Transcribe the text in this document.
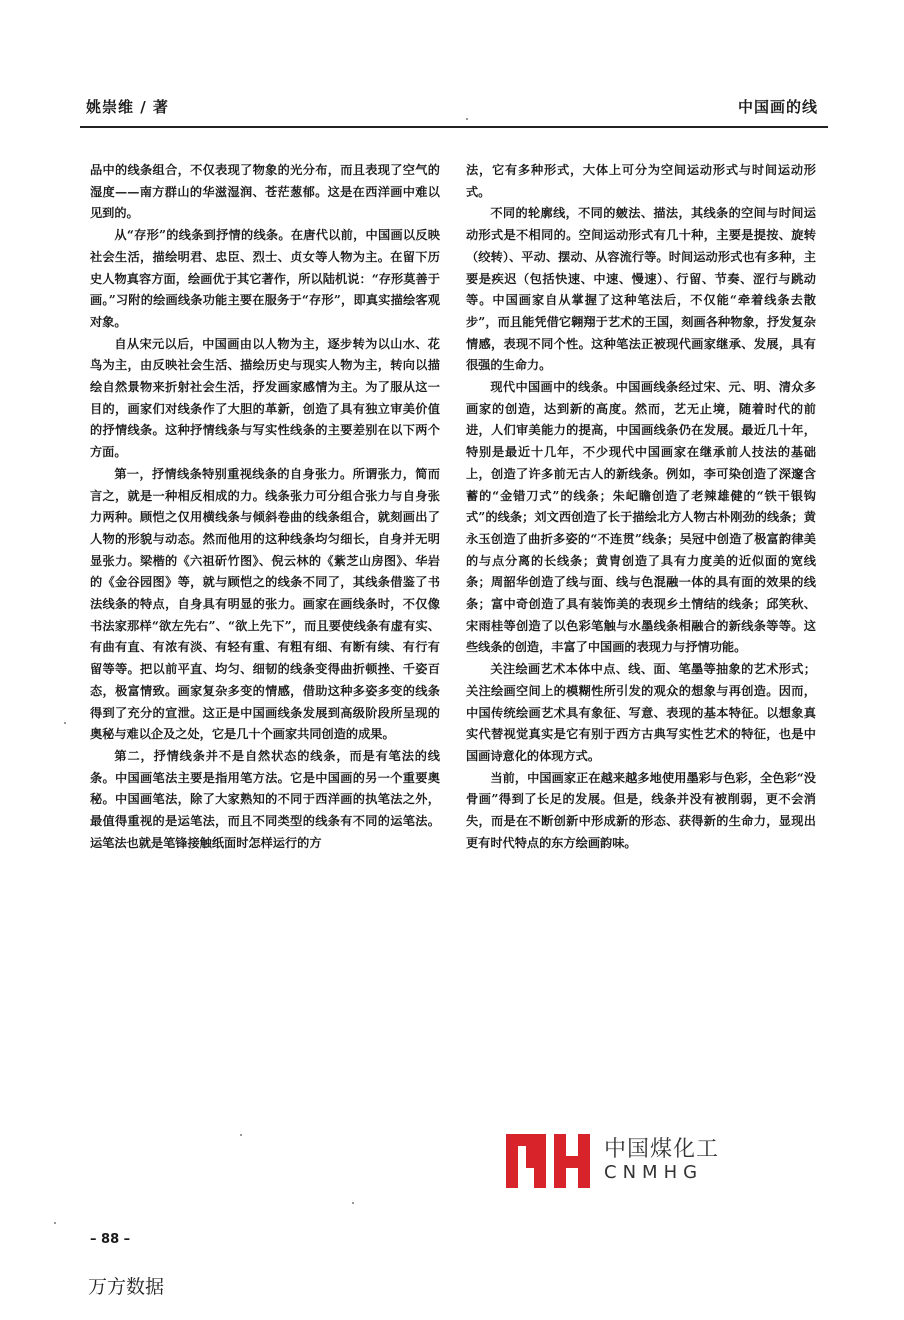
姚崇维 / 著	中国画的线

品中的线条组合，不仅表现了物象的光分布，而且表现了空气的湿度——南方群山的华滋湿润、苍茫葱郁。这是在西洋画中难以见到的。

从“存形”的线条到抒情的线条。在唐代以前，中国画以反映社会生活，描绘明君、忠臣、烈士、贞女等人物为主。在留下历史人物真容方面，绘画优于其它著作，所以陆机说：“存形莫善于画。”习附的绘画线条功能主要在服务于“存形”，即真实描绘客观对象。

自从宋元以后，中国画由以人物为主，逐步转为以山水、花鸟为主，由反映社会生活、描绘历史与现实人物为主，转向以描绘自然景物来折射社会生活，抒发画家感情为主。为了服从这一目的，画家们对线条作了大胆的革新，创造了具有独立审美价值的抒情线条。这种抒情线条与写实性线条的主要差别在以下两个方面。

第一，抒情线条特别重视线条的自身张力。所谓张力，简而言之，就是一种相反相成的力。线条张力可分组合张力与自身张力两种。顾恺之仅用横线条与倾斜卷曲的线条组合，就刻画出了人物的形貌与动态。然而他用的这种线条均匀细长，自身并无明显张力。梁楷的《六祖斫竹图》、倪云林的《紫芝山房图》、华岩的《金谷园图》等，就与顾恺之的线条不同了，其线条借鉴了书法线条的特点，自身具有明显的张力。画家在画线条时，不仅像书法家那样“欲左先右”、“欲上先下”，而且要使线条有虚有实、有曲有直、有浓有淡、有轻有重、有粗有细、有断有续、有行有留等等。把以前平直、均匀、细韧的线条变得曲折顿挫、千姿百态，极富情致。画家复杂多变的情感，借助这种多姿多变的线条得到了充分的宣泄。这正是中国画线条发展到高级阶段所呈现的奥秘与难以企及之处，它是几十个画家共同创造的成果。

第二，抒情线条并不是自然状态的线条，而是有笔法的线条。中国画笔法主要是指用笔方法。它是中国画的另一个重要奥秘。中国画笔法，除了大家熟知的不同于西洋画的执笔法之外，最值得重视的是运笔法，而且不同类型的线条有不同的运笔法。运笔法也就是笔锋接触纸面时怎样运行的方

法，它有多种形式，大体上可分为空间运动形式与时间运动形式。

不同的轮廓线，不同的皴法、描法，其线条的空间与时间运动形式是不相同的。空间运动形式有几十种，主要是提按、旋转（绞转）、平动、摆动、从容流行等。时间运动形式也有多种，主要是疾迟（包括快速、中速、慢速）、行留、节奏、涩行与跳动等。中国画家自从掌握了这种笔法后，不仅能“牵着线条去散步”，而且能凭借它翱翔于艺术的王国，刻画各种物象，抒发复杂情感，表现不同个性。这种笔法正被现代画家继承、发展，具有很强的生命力。

现代中国画中的线条。中国画线条经过宋、元、明、清众多画家的创造，达到新的高度。然而，艺无止境，随着时代的前进，人们审美能力的提高，中国画线条仍在发展。最近几十年，特别是最近十几年，不少现代中国画家在继承前人技法的基础上，创造了许多前无古人的新线条。例如，李可染创造了深邃含蓄的“金错刀式”的线条；朱屺瞻创造了老辣雄健的“铁干银钩式”的线条；刘文西创造了长于描绘北方人物古朴刚劲的线条；黄永玉创造了曲折多姿的“不连贯”线条；吴冠中创造了极富韵律美的与点分离的长线条；黄胄创造了具有力度美的近似面的宽线条；周韶华创造了线与面、线与色混融一体的具有面的效果的线条；富中奇创造了具有装饰美的表现乡土情结的线条；邱笑秋、宋雨桂等创造了以色彩笔触与水墨线条相融合的新线条等等。这些线条的创造，丰富了中国画的表现力与抒情功能。

关注绘画艺术本体中点、线、面、笔墨等抽象的艺术形式；关注绘画空间上的模糊性所引发的观众的想象与再创造。因而，中国传统绘画艺术具有象征、写意、表现的基本特征。以想象真实代替视觉真实是它有别于西方古典写实性艺术的特征，也是中国画诗意化的体现方式。

当前，中国画家正在越来越多地使用墨彩与色彩，全色彩“没骨画”得到了长足的发展。但是，线条并没有被削弱，更不会消失，而是在不断创新中形成新的形态、获得新的生命力，显现出更有时代特点的东方绘画韵味。

中国煤化工
CNMHG
– 88 –
万方数据
